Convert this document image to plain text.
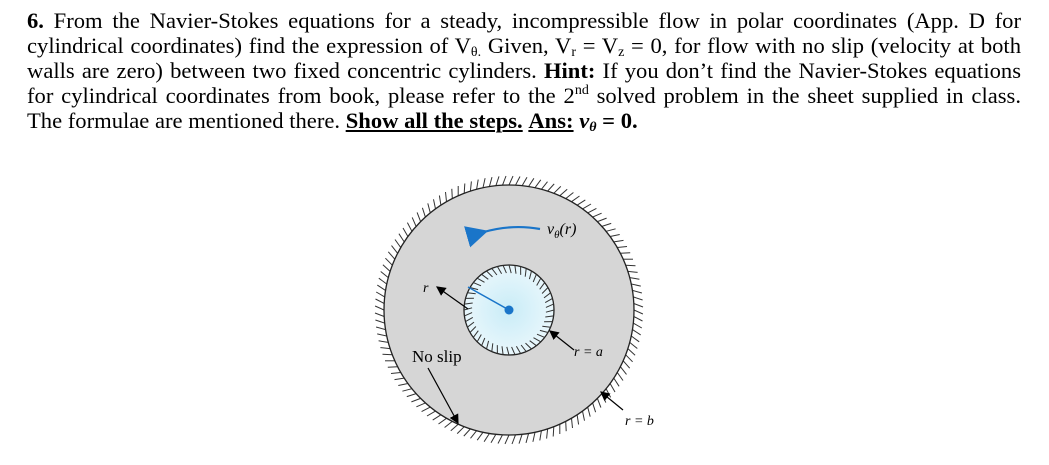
6. From the Navier-Stokes equations for a steady, incompressible flow in polar coordinates (App. D for cylindrical coordinates) find the expression of $V_{\theta.}$ Given, $V_r = V_z = 0$, for flow with no slip (velocity at both walls are zero) between two fixed concentric cylinders. Hint: If you don’t find the Navier-Stokes equations for cylindrical coordinates from book, please refer to the 2nd solved problem in the sheet supplied in class. The formulae are mentioned there. Show all the steps. Ans: $v_\theta = 0$.
$v_\theta(r)$
r
No slip	r = a
r = b
